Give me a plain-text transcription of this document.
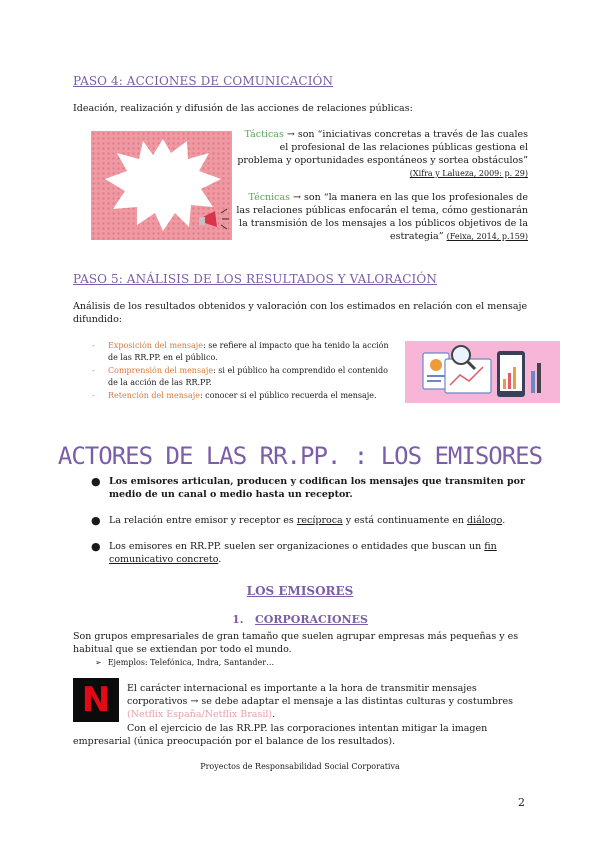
PASO 4: ACCIONES DE COMUNICACIÓN
Ideación, realización y difusión de las acciones de relaciones públicas:
Tácticas → son “iniciativas concretas a través de las cuales el profesional de las relaciones públicas gestiona el problema y oportunidades espontáneos y sortea obstáculos” (Xifra y Lalueza, 2009: p. 29)
Técnicas → son “la manera en las que los profesionales de las relaciones públicas enfocarán el tema, cómo gestionarán la transmisión de los mensajes a los públicos objetivos de la estrategia” (Feixa, 2014, p.159)
PASO 5: ANÁLISIS DE LOS RESULTADOS Y VALORACIÓN
Análisis de los resultados obtenidos y valoración con los estimados en relación con el mensaje difundido:
- Exposición del mensaje: se refiere al impacto que ha tenido la acción de las RR.PP. en el público.
- Comprensión del mensaje: si el público ha comprendido el contenido de la acción de las RR.PP.
- Retención del mensaje: conocer si el público recuerda el mensaje.
ACTORES DE LAS RR.PP. : LOS EMISORES
● Los emisores articulan, producen y codifican los mensajes que transmiten por medio de un canal o medio hasta un receptor.
● La relación entre emisor y receptor es recíproca y está continuamente en diálogo.
● Los emisores en RR.PP. suelen ser organizaciones o entidades que buscan un fin comunicativo concreto.
LOS EMISORES
1. CORPORACIONES
Son grupos empresariales de gran tamaño que suelen agrupar empresas más pequeñas y es habitual que se extiendan por todo el mundo.
➢ Ejemplos: Telefónica, Indra, Santander…
N	El carácter internacional es importante a la hora de transmitir mensajes corporativos → se debe adaptar el mensaje a las distintas culturas y costumbres (Netflix España/Netflix Brasil).
Con el ejercicio de las RR.PP. las corporaciones intentan mitigar la imagen empresarial (única preocupación por el balance de los resultados).
Proyectos de Responsabilidad Social Corporativa
2
